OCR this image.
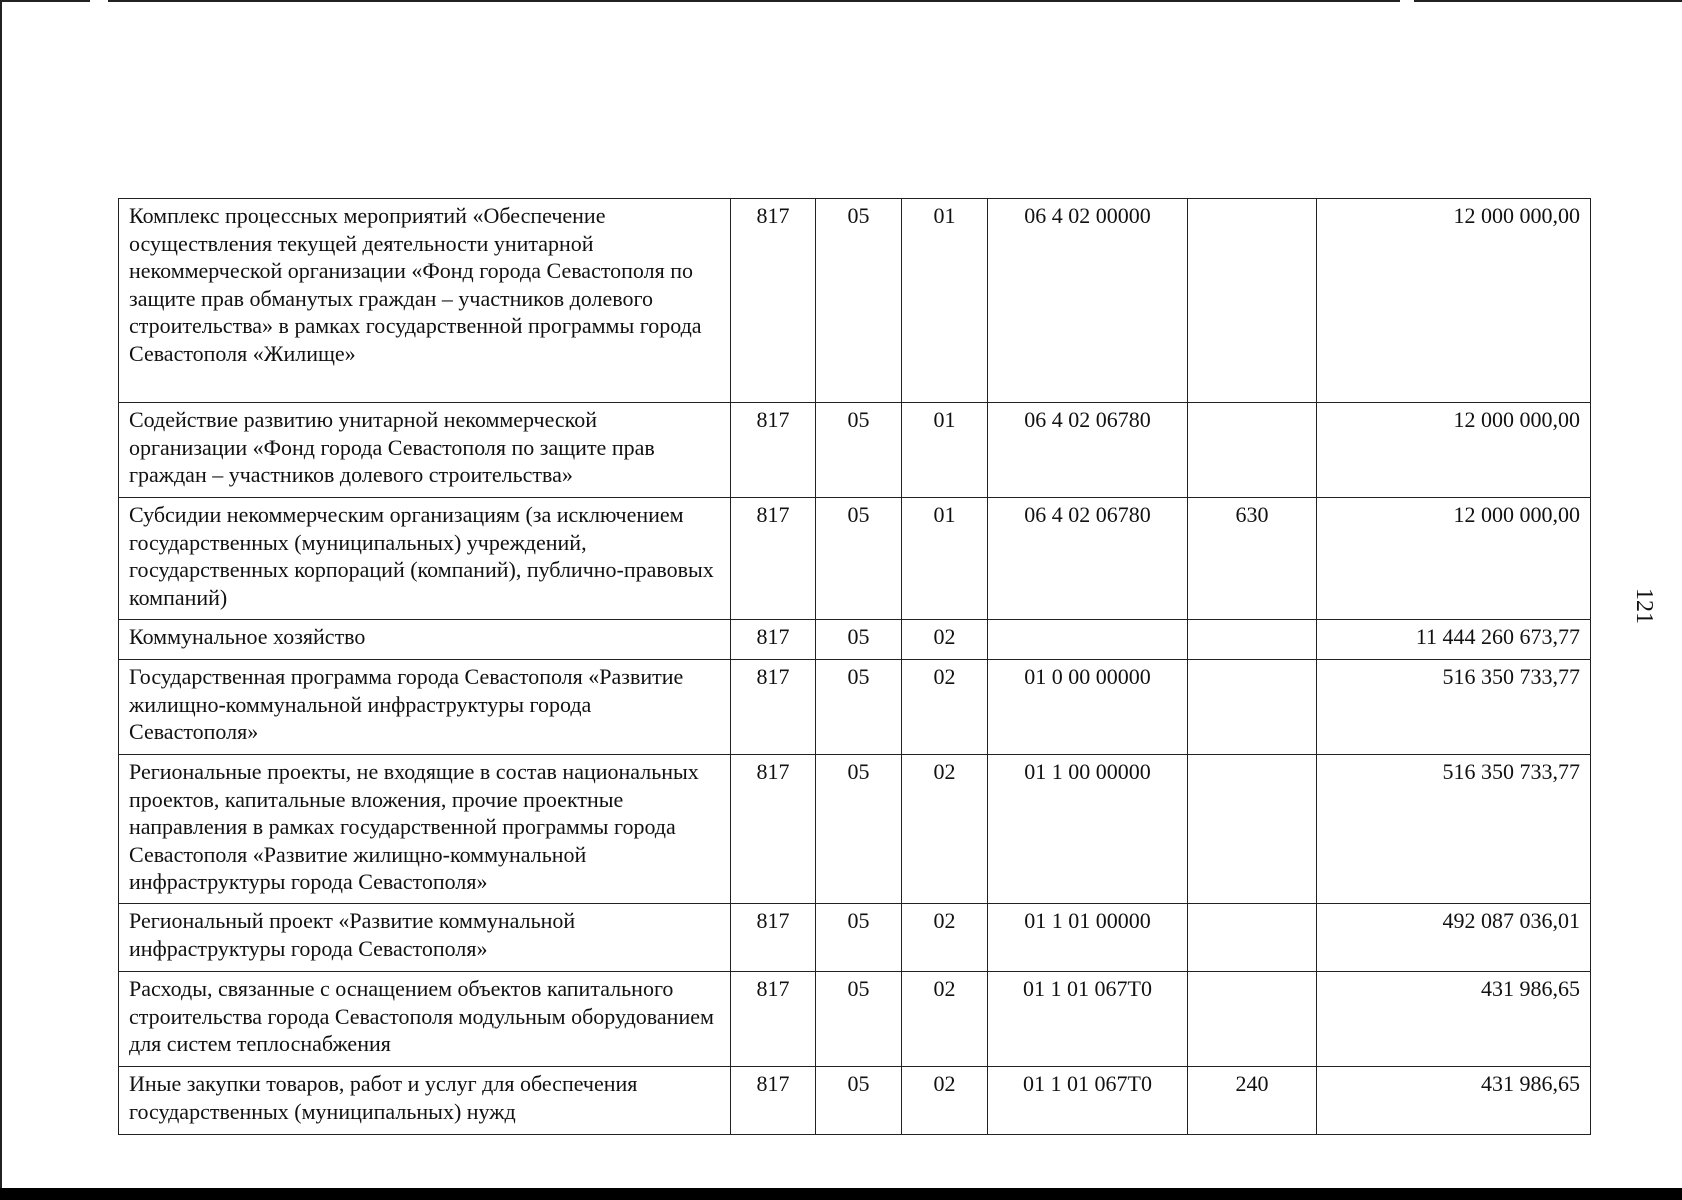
Комплекс процессных мероприятий «Обеспечение осуществления текущей деятельности унитарной некоммерческой организации «Фонд города Севастополя по защите прав обманутых граждан – участников долевого строительства» в рамках государственной программы города Севастополя «Жилище»	817	05	01	06 4 02 00000		12 000 000,00
Содействие развитию унитарной некоммерческой организации «Фонд города Севастополя по защите прав граждан – участников долевого строительства»	817	05	01	06 4 02 06780		12 000 000,00
Субсидии некоммерческим организациям (за исключением государственных (муниципальных) учреждений, государственных корпораций (компаний), публично-правовых компаний)	817	05	01	06 4 02 06780	630	12 000 000,00
Коммунальное хозяйство	817	05	02			11 444 260 673,77
Государственная программа города Севастополя «Развитие жилищно-коммунальной инфраструктуры города Севастополя»	817	05	02	01 0 00 00000		516 350 733,77
Региональные проекты, не входящие в состав национальных проектов, капитальные вложения, прочие проектные направления в рамках государственной программы города Севастополя «Развитие жилищно-коммунальной инфраструктуры города Севастополя»	817	05	02	01 1 00 00000		516 350 733,77
Региональный проект «Развитие коммунальной инфраструктуры города Севастополя»	817	05	02	01 1 01 00000		492 087 036,01
Расходы, связанные с оснащением объектов капитального строительства города Севастополя модульным оборудованием для систем теплоснабжения	817	05	02	01 1 01 067Т0		431 986,65
Иные закупки товаров, работ и услуг для обеспечения государственных (муниципальных) нужд	817	05	02	01 1 01 067Т0	240	431 986,65
121
